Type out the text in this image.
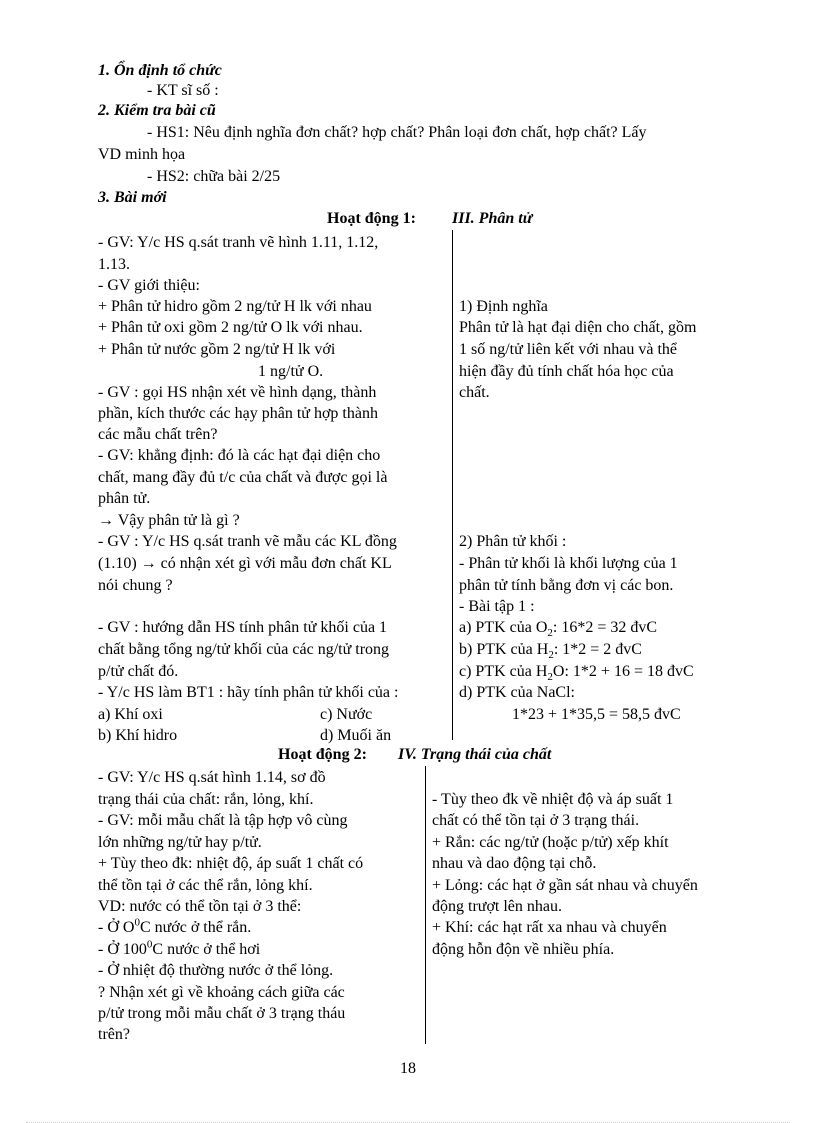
1. Ổn định tổ chức
- KT sĩ số :
2. Kiểm tra bài cũ
- HS1: Nêu định nghĩa đơn chất? hợp chất? Phân loại đơn chất, hợp chất? Lấy
VD minh họa
- HS2: chữa bài 2/25
3. Bài mới
Hoạt động 1: III. Phân tử
- GV: Y/c HS q.sát tranh vẽ hình 1.11, 1.12,
1.13.
- GV giới thiệu:
+ Phân tử hidro gồm 2 ng/tử H lk với nhau
+ Phân tử oxi gồm 2 ng/tử O lk với nhau.
+ Phân tử nước gồm 2 ng/tử H lk với
1 ng/tử O.
- GV : gọi HS nhận xét về hình dạng, thành
phần, kích thước các hạy phân tử hợp thành
các mẫu chất trên?
- GV: khẳng định: đó là các hạt đại diện cho
chất, mang đầy đủ t/c của chất và được gọi là
phân tử.
→ Vậy phân tử là gì ?
- GV : Y/c HS q.sát tranh vẽ mẫu các KL đồng
(1.10) → có nhận xét gì với mẫu đơn chất KL
nói chung ?
- GV : hướng dẫn HS tính phân tử khối của 1
chất bằng tổng ng/tử khối của các ng/tử trong
p/tử chất đó.
- Y/c HS làm BT1 : hãy tính phân tử khối của :
a) Khí oxi	c) Nước
b) Khí hidro	d) Muối ăn
1) Định nghĩa
Phân tử là hạt đại diện cho chất, gồm
1 số ng/tử liên kết với nhau và thể
hiện đầy đủ tính chất hóa học của
chất.
2) Phân tử khối :
- Phân tử khối là khối lượng của 1
phân tử tính bằng đơn vị các bon.
- Bài tập 1 :
a) PTK của $O_2$: 16*2 = 32 đvC
b) PTK của $H_2$: 1*2 = 2 đvC
c) PTK của $H_2O$: 1*2 + 16 = 18 đvC
d) PTK của NaCl:
1*23 + 1*35,5 = 58,5 đvC
Hoạt động 2: IV. Trạng thái của chất
- GV: Y/c HS q.sát hình 1.14, sơ đồ
trạng thái của chất: rắn, lỏng, khí.
- GV: mỗi mẫu chất là tập hợp vô cùng
lớn những ng/tử hay p/tử.
+ Tùy theo đk: nhiệt độ, áp suất 1 chất có
thể tồn tại ở các thể rắn, lỏng khí.
VD: nước có thể tồn tại ở 3 thể:
- Ở $O^0C$ nước ở thể rắn.
- Ở $100^0C$ nước ở thể hơi
- Ở nhiệt độ thường nước ở thể lỏng.
? Nhận xét gì về khoảng cách giữa các
p/tử trong mỗi mẫu chất ở 3 trạng tháu
trên?
- Tùy theo đk về nhiệt độ và áp suất 1
chất có thể tồn tại ở 3 trạng thái.
+ Rắn: các ng/tử (hoặc p/tử) xếp khít
nhau và dao động tại chỗ.
+ Lỏng: các hạt ở gần sát nhau và chuyển
động trượt lên nhau.
+ Khí: các hạt rất xa nhau và chuyển
động hỗn độn về nhiều phía.
18
